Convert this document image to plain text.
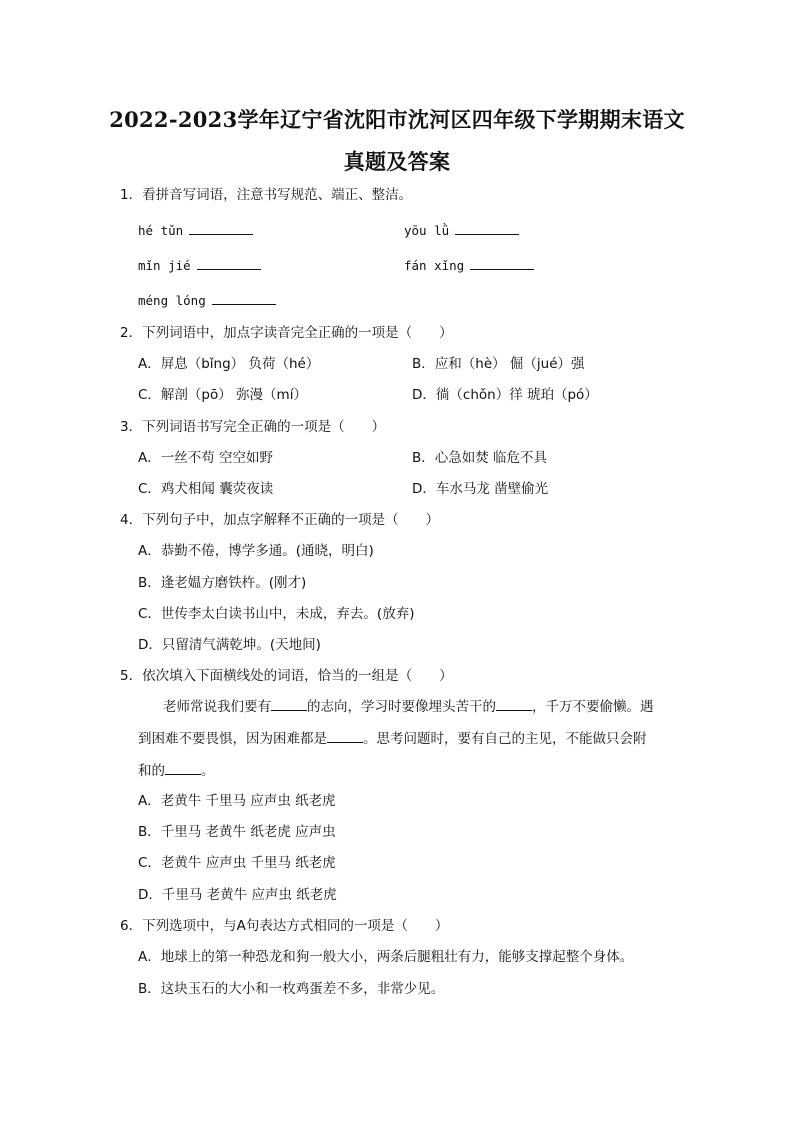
2022-2023学年辽宁省沈阳市沈河区四年级下学期期末语文
真题及答案
1．看拼音写词语，注意书写规范、端正、整洁。
hé tǔn	yōu lǜ
mǐn jié	fán xǐng
méng lóng
2．下列词语中，加点字读音完全正确的一项是（　　）
A．屏息（bǐng） 负荷（hé）	B．应和（hè） 倔（jué）强
C．解剖（pō） 弥漫（mí）	D．徜（chǒn）徉 琥珀（pó）
3．下列词语书写完全正确的一项是（　　）
A．一丝不苟 空空如野	B．心急如焚 临危不具
C．鸡犬相闻 囊荧夜读	D．车水马龙 凿壁偷光
4．下列句子中，加点字解释不正确的一项是（　　）
A．恭勤不倦，博学多通。(通晓，明白)
B．逢老媪方磨铁杵。(刚才)
C．世传李太白读书山中，未成，弃去。(放弃)
D．只留清气满乾坤。(天地间)
5．依次填入下面横线处的词语，恰当的一组是（　　）
老师常说我们要有	的志向，学习时要像埋头苦干的	，千万不要偷懒。遇
到困难不要畏惧，因为困难都是	。思考问题时，要有自己的主见，不能做只会附
和的	。
A．老黄牛 千里马 应声虫 纸老虎
B．千里马 老黄牛 纸老虎 应声虫
C．老黄牛 应声虫 千里马 纸老虎
D．千里马 老黄牛 应声虫 纸老虎
6．下列选项中，与A句表达方式相同的一项是（　　）
A．地球上的第一种恐龙和狗一般大小，两条后腿粗壮有力，能够支撑起整个身体。
B．这块玉石的大小和一枚鸡蛋差不多，非常少见。
